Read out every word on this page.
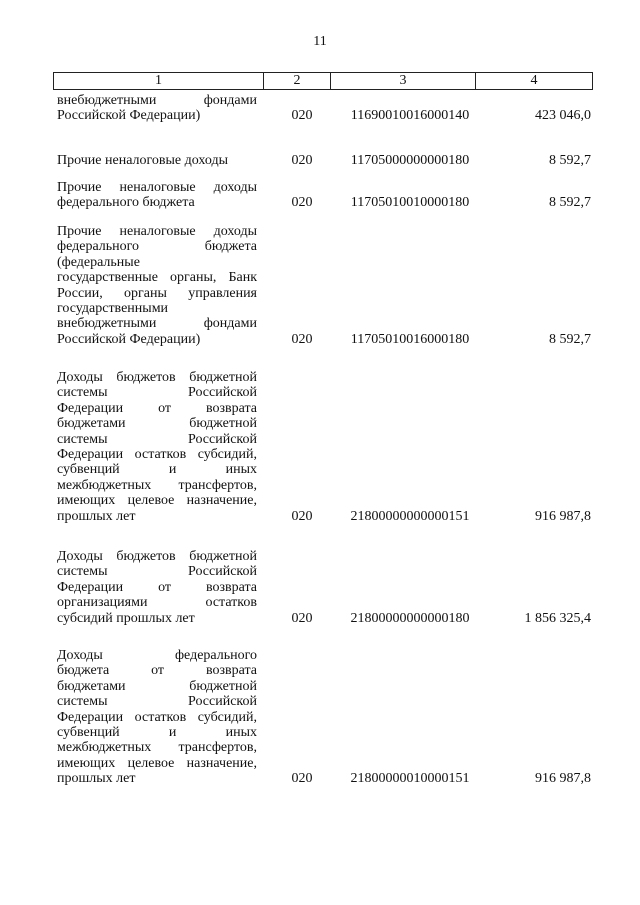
11
1	2	3	4
внебюджетными фондами
Российской Федерации)	020	11690010016000140	423 046,0
Прочие неналоговые доходы	020	11705000000000180	8 592,7
Прочие неналоговые доходы
федерального бюджета	020	11705010010000180	8 592,7
Прочие неналоговые доходы
федерального бюджета
(федеральные
государственные органы, Банк
России, органы управления
государственными
внебюджетными фондами
Российской Федерации)	020	11705010016000180	8 592,7
Доходы бюджетов бюджетной
системы Российской
Федерации от возврата
бюджетами бюджетной
системы Российской
Федерации остатков субсидий,
субвенций и иных
межбюджетных трансфертов,
имеющих целевое назначение,
прошлых лет	020	21800000000000151	916 987,8
Доходы бюджетов бюджетной
системы Российской
Федерации от возврата
организациями остатков
субсидий прошлых лет	020	21800000000000180	1 856 325,4
Доходы федерального
бюджета от возврата
бюджетами бюджетной
системы Российской
Федерации остатков субсидий,
субвенций и иных
межбюджетных трансфертов,
имеющих целевое назначение,
прошлых лет	020	21800000010000151	916 987,8
